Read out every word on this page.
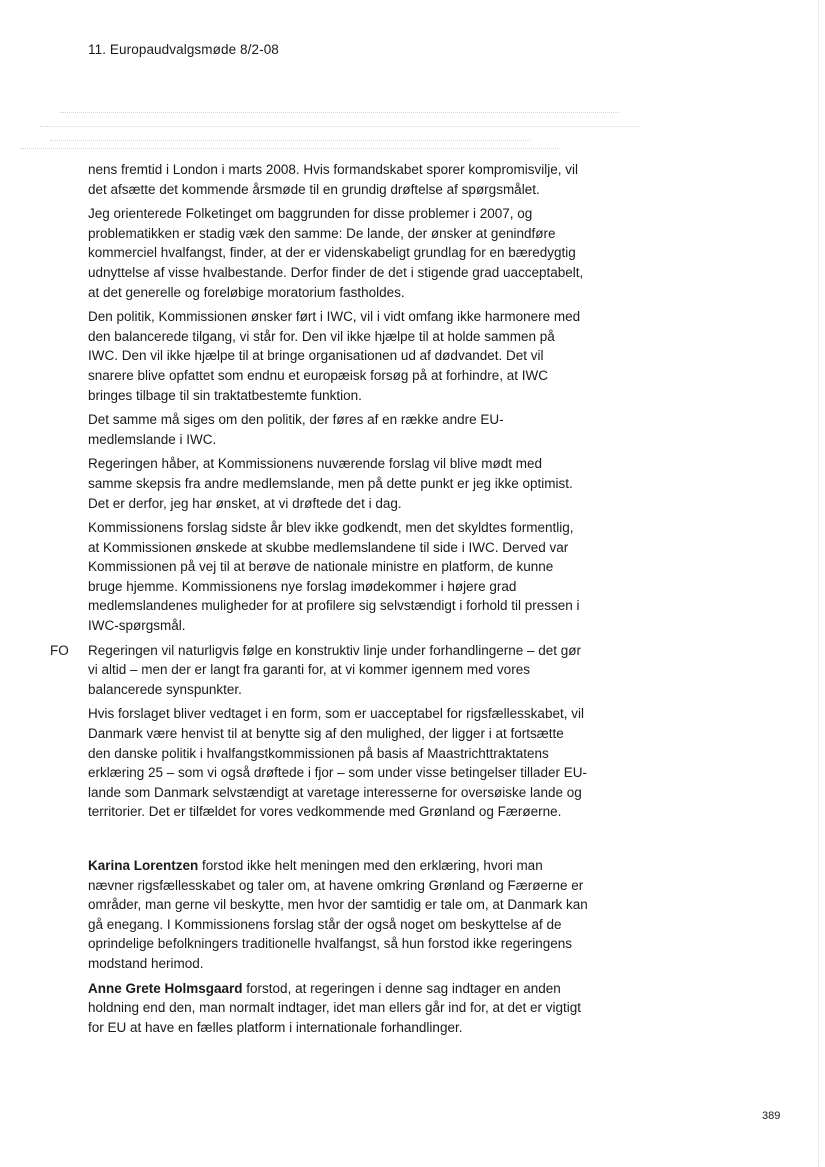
11. Europaudvalgsmøde 8/2-08

nens fremtid i London i marts 2008. Hvis formandskabet sporer kompromisvilje, vil det afsætte det kommende årsmøde til en grundig drøftelse af spørgsmålet.

Jeg orienterede Folketinget om baggrunden for disse problemer i 2007, og problematikken er stadig væk den samme: De lande, der ønsker at genindføre kommerciel hvalfangst, finder, at der er videnskabeligt grundlag for en bæredygtig udnyttelse af visse hvalbestande. Derfor finder de det i stigende grad uacceptabelt, at det generelle og foreløbige moratorium fastholdes.

Den politik, Kommissionen ønsker ført i IWC, vil i vidt omfang ikke harmonere med den balancerede tilgang, vi står for. Den vil ikke hjælpe til at holde sammen på IWC. Den vil ikke hjælpe til at bringe organisationen ud af dødvandet. Det vil snarere blive opfattet som endnu et europæisk forsøg på at forhindre, at IWC bringes tilbage til sin traktatbestemte funktion.

Det samme må siges om den politik, der føres af en række andre EU-medlemslande i IWC.

Regeringen håber, at Kommissionens nuværende forslag vil blive mødt med samme skepsis fra andre medlemslande, men på dette punkt er jeg ikke optimist. Det er derfor, jeg har ønsket, at vi drøftede det i dag.

Kommissionens forslag sidste år blev ikke godkendt, men det skyldtes formentlig, at Kommissionen ønskede at skubbe medlemslandene til side i IWC. Derved var Kommissionen på vej til at berøve de nationale ministre en platform, de kunne bruge hjemme. Kommissionens nye forslag imødekommer i højere grad medlemslandenes muligheder for at profilere sig selvstændigt i forhold til pressen i IWC-spørgsmål.

FO Regeringen vil naturligvis følge en konstruktiv linje under forhandlingerne – det gør vi altid – men der er langt fra garanti for, at vi kommer igennem med vores balancerede synspunkter.

Hvis forslaget bliver vedtaget i en form, som er uacceptabel for rigsfællesskabet, vil Danmark være henvist til at benytte sig af den mulighed, der ligger i at fortsætte den danske politik i hvalfangstkommissionen på basis af Maastrichttraktatens erklæring 25 – som vi også drøftede i fjor – som under visse betingelser tillader EU-lande som Danmark selvstændigt at varetage interesserne for oversøiske lande og territorier. Det er tilfældet for vores vedkommende med Grønland og Færøerne.

Karina Lorentzen forstod ikke helt meningen med den erklæring, hvori man nævner rigsfællesskabet og taler om, at havene omkring Grønland og Færøerne er områder, man gerne vil beskytte, men hvor der samtidig er tale om, at Danmark kan gå enegang. I Kommissionens forslag står der også noget om beskyttelse af de oprindelige befolkningers traditionelle hvalfangst, så hun forstod ikke regeringens modstand herimod.

Anne Grete Holmsgaard forstod, at regeringen i denne sag indtager en anden holdning end den, man normalt indtager, idet man ellers går ind for, at det er vigtigt for EU at have en fælles platform i internationale forhandlinger.

389
